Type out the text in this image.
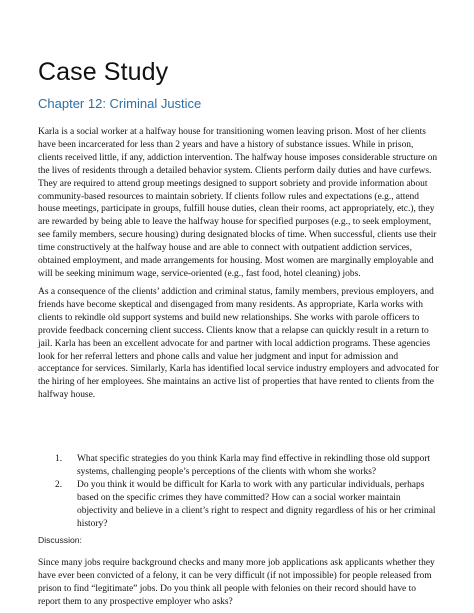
Case Study
Chapter 12: Criminal Justice

Karla is a social worker at a halfway house for transitioning women leaving prison. Most of her clients have been incarcerated for less than 2 years and have a history of substance issues. While in prison, clients received little, if any, addiction intervention. The halfway house imposes considerable structure on the lives of residents through a detailed behavior system. Clients perform daily duties and have curfews. They are required to attend group meetings designed to support sobriety and provide information about community-based resources to maintain sobriety. If clients follow rules and expectations (e.g., attend house meetings, participate in groups, fulfill house duties, clean their rooms, act appropriately, etc.), they are rewarded by being able to leave the halfway house for specified purposes (e.g., to seek employment, see family members, secure housing) during designated blocks of time. When successful, clients use their time constructively at the halfway house and are able to connect with outpatient addiction services, obtained employment, and made arrangements for housing. Most women are marginally employable and will be seeking minimum wage, service-oriented (e.g., fast food, hotel cleaning) jobs.

As a consequence of the clients’ addiction and criminal status, family members, previous employers, and friends have become skeptical and disengaged from many residents. As appropriate, Karla works with clients to rekindle old support systems and build new relationships. She works with parole officers to provide feedback concerning client success. Clients know that a relapse can quickly result in a return to jail. Karla has been an excellent advocate for and partner with local addiction programs. These agencies look for her referral letters and phone calls and value her judgment and input for admission and acceptance for services. Similarly, Karla has identified local service industry employers and advocated for the hiring of her employees. She maintains an active list of properties that have rented to clients from the halfway house.

1. What specific strategies do you think Karla may find effective in rekindling those old support systems, challenging people’s perceptions of the clients with whom she works?
2. Do you think it would be difficult for Karla to work with any particular individuals, perhaps based on the specific crimes they have committed? How can a social worker maintain objectivity and believe in a client’s right to respect and dignity regardless of his or her criminal history?

Discussion:

Since many jobs require background checks and many more job applications ask applicants whether they have ever been convicted of a felony, it can be very difficult (if not impossible) for people released from prison to find “legitimate” jobs. Do you think all people with felonies on their record should have to report them to any prospective employer who asks?
